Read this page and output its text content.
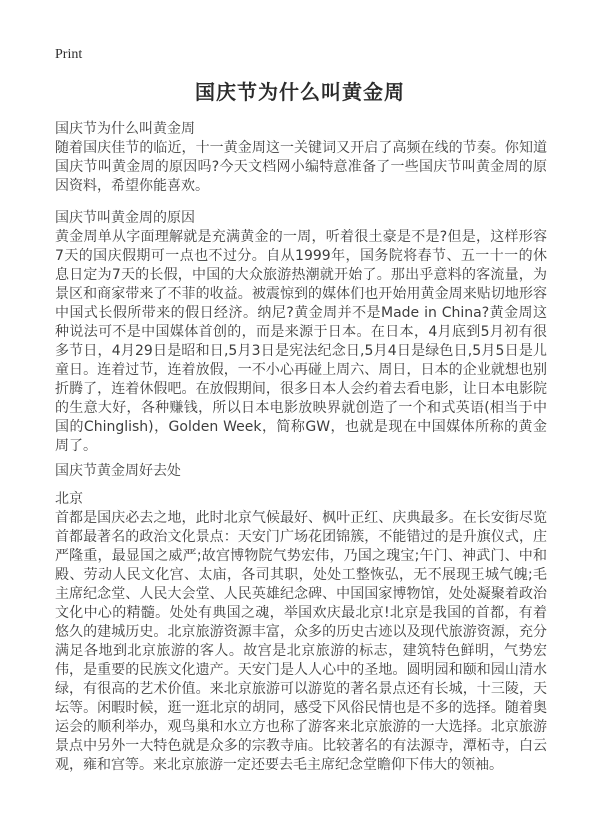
Print
国庆节为什么叫黄金周
国庆节为什么叫黄金周

随着国庆佳节的临近，十一黄金周这一关键词又开启了高频在线的节奏。你知道国庆节叫黄金周的原因吗?今天文档网小编特意准备了一些国庆节叫黄金周的原因资料，希望你能喜欢。

国庆节叫黄金周的原因

黄金周单从字面理解就是充满黄金的一周，听着很土豪是不是?但是，这样形容7天的国庆假期可一点也不过分。自从1999年，国务院将春节、五一十一的休息日定为7天的长假，中国的大众旅游热潮就开始了。那出乎意料的客流量，为景区和商家带来了不菲的收益。被震惊到的媒体们也开始用黄金周来贴切地形容中国式长假所带来的假日经济。纳尼?黄金周并不是Made in China?黄金周这种说法可不是中国媒体首创的，而是来源于日本。在日本，4月底到5月初有很多节日，4月29日是昭和日,5月3日是宪法纪念日,5月4日是绿色日,5月5日是儿童日。连着过节，连着放假，一不小心再碰上周六、周日，日本的企业就想也别折腾了，连着休假吧。在放假期间，很多日本人会约着去看电影，让日本电影院的生意大好，各种赚钱，所以日本电影放映界就创造了一个和式英语(相当于中国的Chinglish)，Golden Week，简称GW，也就是现在中国媒体所称的黄金周了。

国庆节黄金周好去处
北京

首都是国庆必去之地，此时北京气候最好、枫叶正红、庆典最多。在长安街尽览首都最著名的政治文化景点：天安门广场花团锦簇，不能错过的是升旗仪式，庄严隆重，最显国之威严;故宫博物院气势宏伟，乃国之瑰宝;午门、神武门、中和殿、劳动人民文化宫、太庙，各司其职，处处工整恢弘，无不展现王城气魄;毛主席纪念堂、人民大会堂、人民英雄纪念碑、中国国家博物馆，处处凝聚着政治文化中心的精髓。处处有典国之魂，举国欢庆最北京!北京是我国的首都，有着悠久的建城历史。北京旅游资源丰富，众多的历史古迹以及现代旅游资源，充分满足各地到北京旅游的客人。故宫是北京旅游的标志，建筑特色鲜明，气势宏伟，是重要的民族文化遗产。天安门是人人心中的圣地。圆明园和颐和园山清水绿，有很高的艺术价值。来北京旅游可以游览的著名景点还有长城，十三陵，天坛等。闲暇时候，逛一逛北京的胡同，感受下风俗民情也是不多的选择。随着奥运会的顺利举办，观鸟巢和水立方也称了游客来北京旅游的一大选择。北京旅游景点中另外一大特色就是众多的宗教寺庙。比较著名的有法源寺，潭柘寺，白云观，雍和宫等。来北京旅游一定还要去毛主席纪念堂瞻仰下伟大的领袖。
